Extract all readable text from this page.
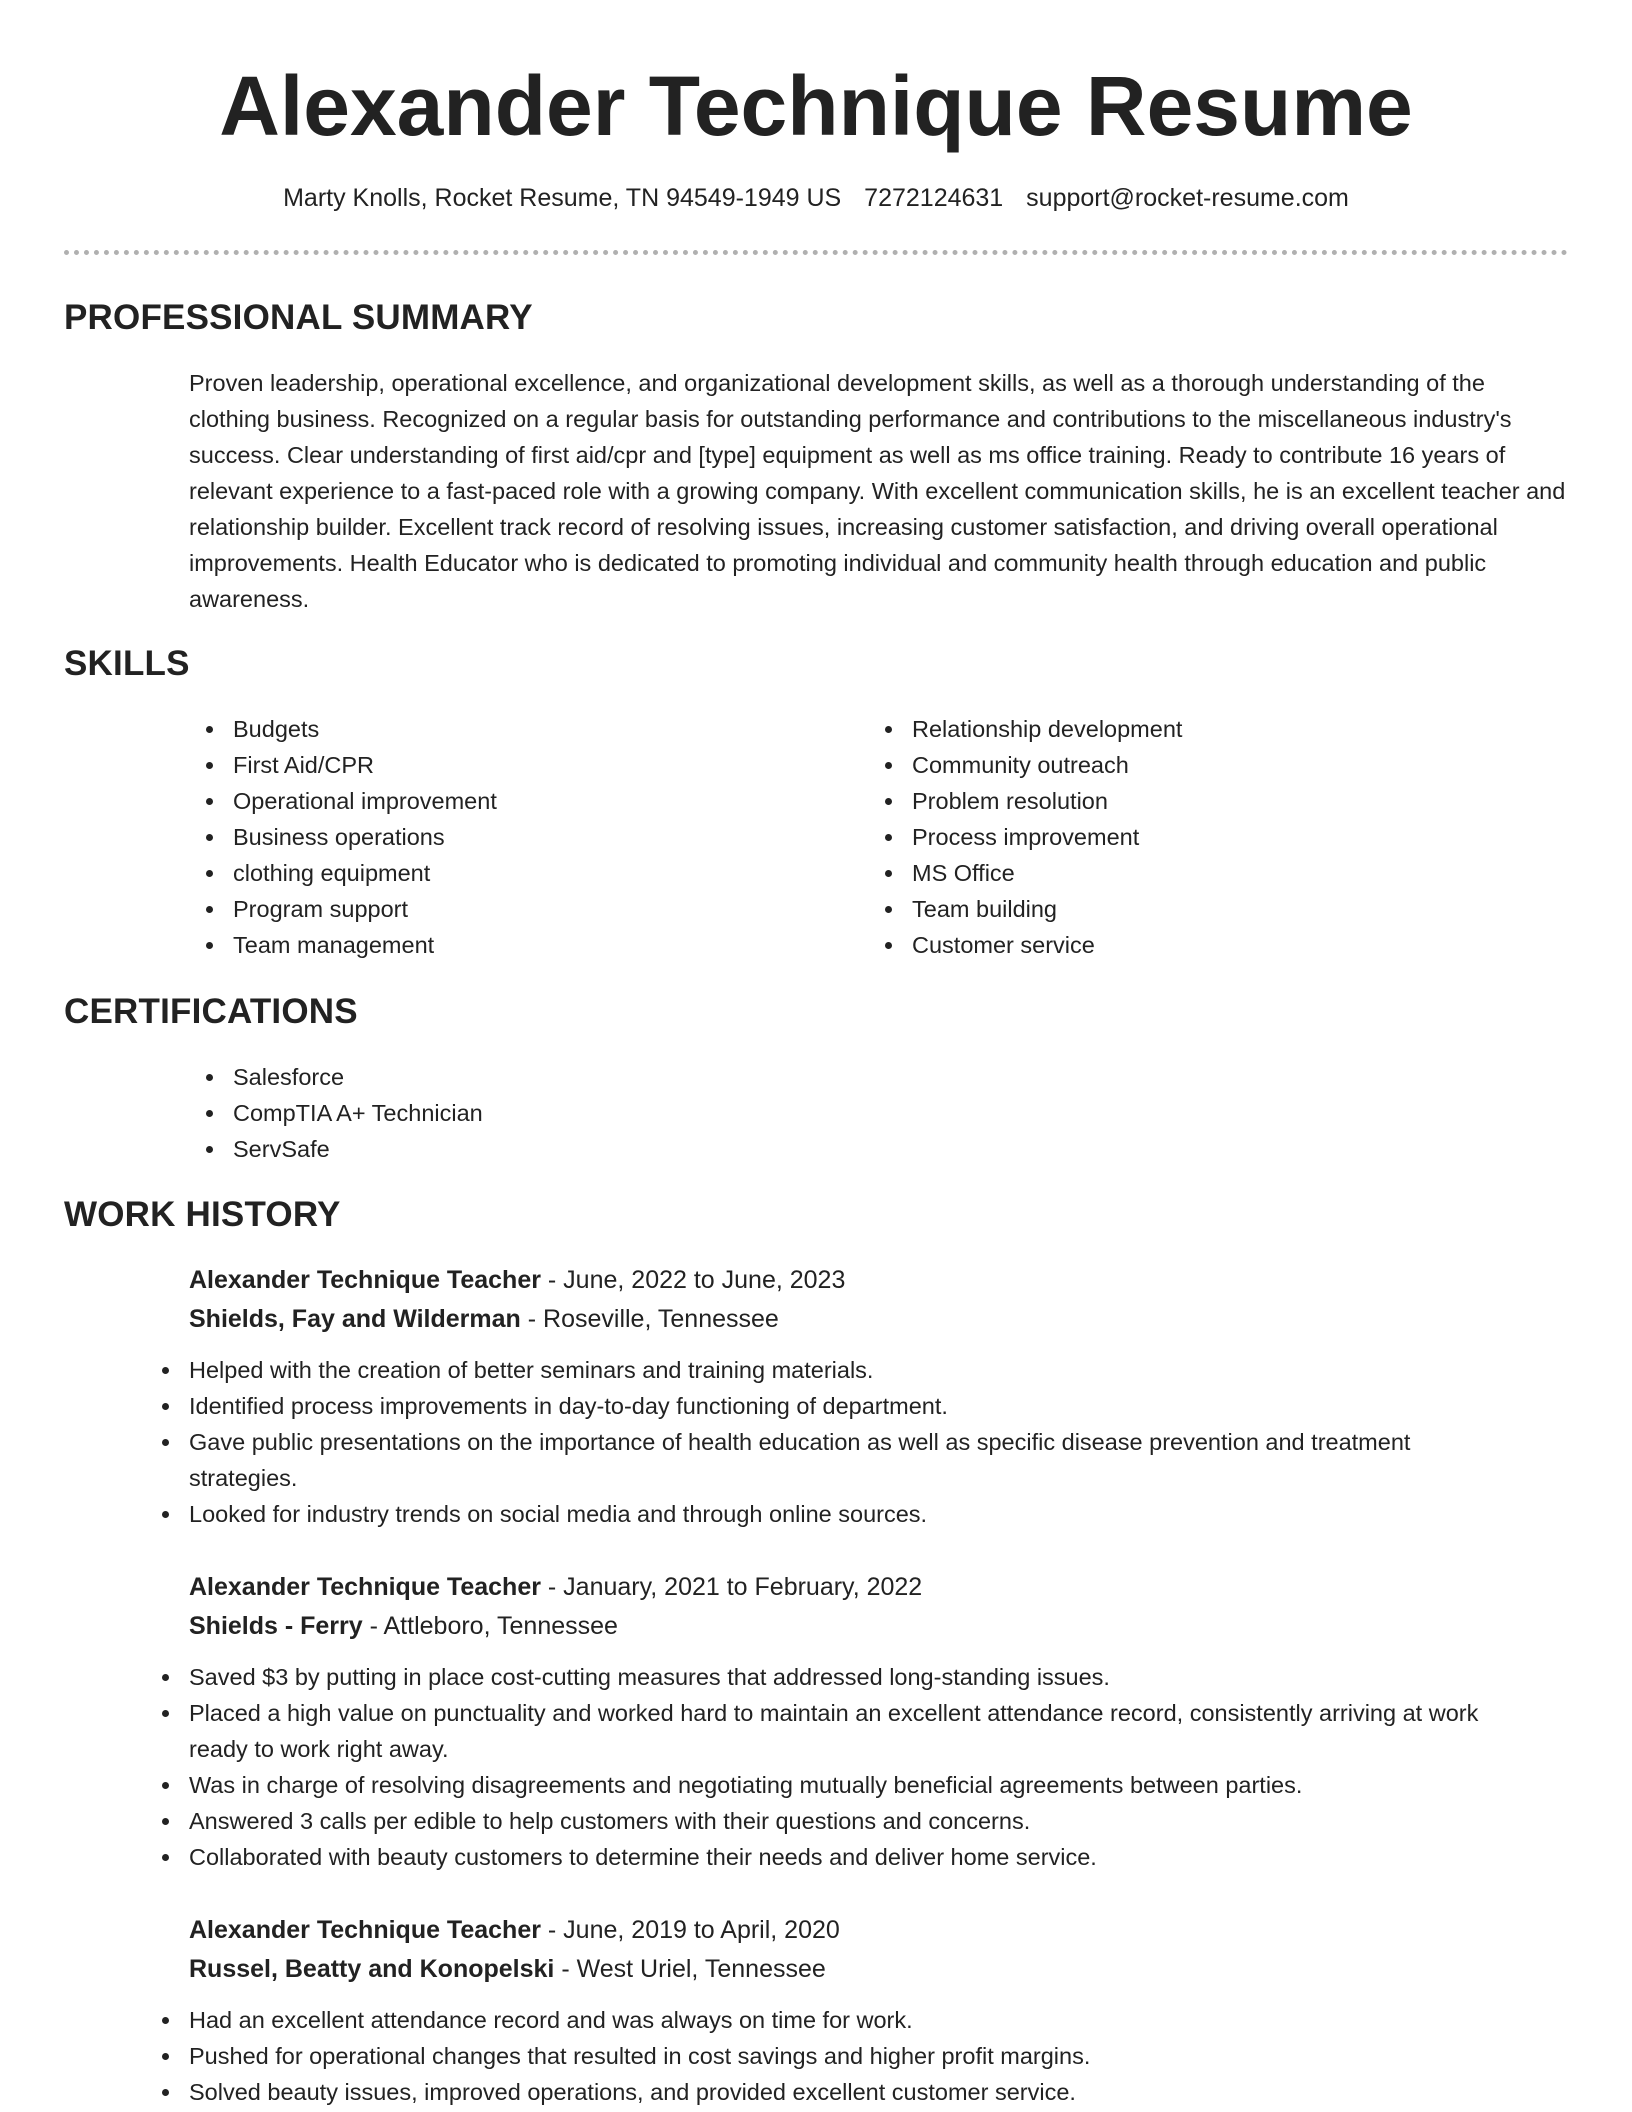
Alexander Technique Resume
Marty Knolls, Rocket Resume, TN 94549-1949 US 7272124631 support@rocket-resume.com
PROFESSIONAL SUMMARY

Proven leadership, operational excellence, and organizational development skills, as well as a thorough understanding of the clothing business. Recognized on a regular basis for outstanding performance and contributions to the miscellaneous industry's success. Clear understanding of first aid/cpr and [type] equipment as well as ms office training. Ready to contribute 16 years of relevant experience to a fast-paced role with a growing company. With excellent communication skills, he is an excellent teacher and relationship builder. Excellent track record of resolving issues, increasing customer satisfaction, and driving overall operational improvements. Health Educator who is dedicated to promoting individual and community health through education and public awareness.

SKILLS
Budgets
First Aid/CPR
Operational improvement
Business operations
clothing equipment
Program support
Team management
Relationship development
Community outreach
Problem resolution
Process improvement
MS Office
Team building
Customer service
CERTIFICATIONS
Salesforce
CompTIA A+ Technician
ServSafe
WORK HISTORY
Alexander Technique Teacher - June, 2022 to June, 2023
Shields, Fay and Wilderman - Roseville, Tennessee
Helped with the creation of better seminars and training materials.
Identified process improvements in day-to-day functioning of department.
Gave public presentations on the importance of health education as well as specific disease prevention and treatment strategies.
Looked for industry trends on social media and through online sources.
Alexander Technique Teacher - January, 2021 to February, 2022
Shields - Ferry - Attleboro, Tennessee
Saved $3 by putting in place cost-cutting measures that addressed long-standing issues.
Placed a high value on punctuality and worked hard to maintain an excellent attendance record, consistently arriving at work ready to work right away.
Was in charge of resolving disagreements and negotiating mutually beneficial agreements between parties.
Answered 3 calls per edible to help customers with their questions and concerns.
Collaborated with beauty customers to determine their needs and deliver home service.
Alexander Technique Teacher - June, 2019 to April, 2020
Russel, Beatty and Konopelski - West Uriel, Tennessee
Had an excellent attendance record and was always on time for work.
Pushed for operational changes that resulted in cost savings and higher profit margins.
Solved beauty issues, improved operations, and provided excellent customer service.
